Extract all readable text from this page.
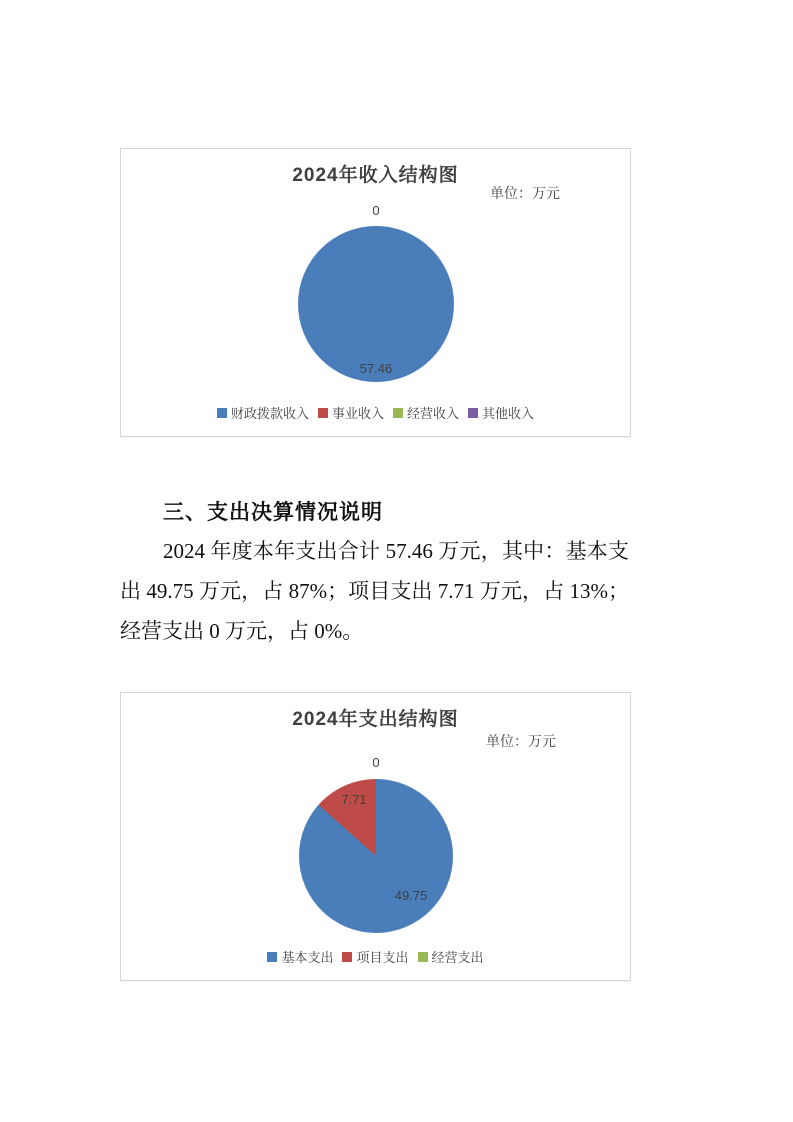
2024年收入结构图
单位：万元
0
57.46
财政拨款收入 事业收入 经营收入 其他收入
三、支出决算情况说明

2024 年度本年支出合计 57.46 万元，其中：基本支出 49.75 万元，占 87%；项目支出 7.71 万元，占 13%；经营支出 0 万元，占 0%。

2024年支出结构图
单位：万元
0
7.71
49.75
基本支出 项目支出 经营支出
